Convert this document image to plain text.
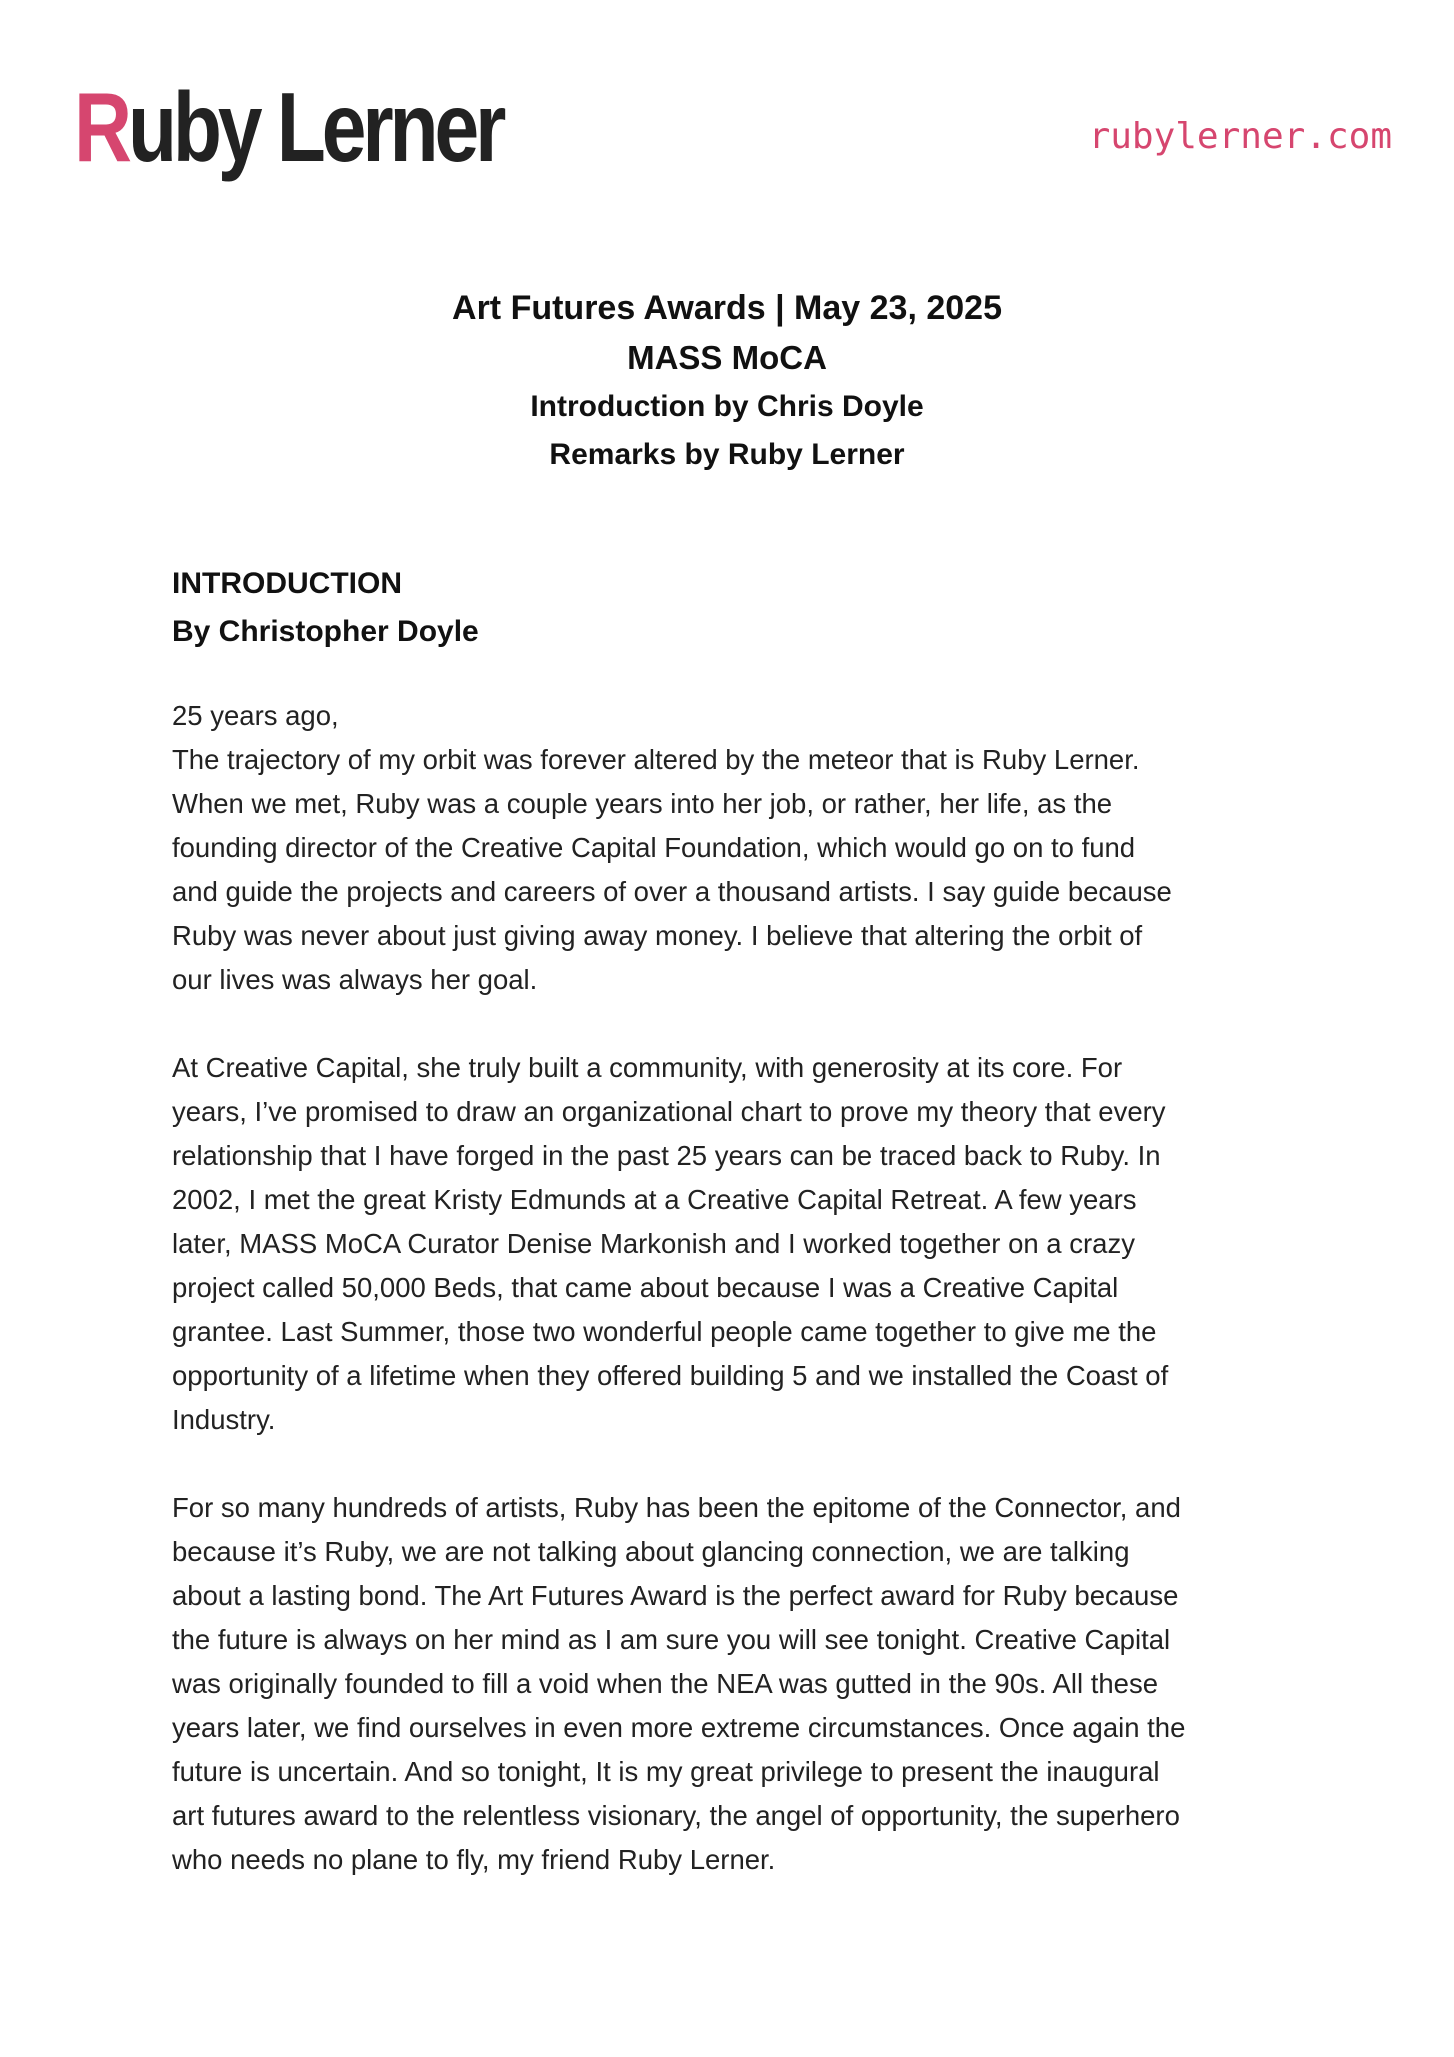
Ruby Lerner	rubylerner.com
Art Futures Awards | May 23, 2025
MASS MoCA
Introduction by Chris Doyle
Remarks by Ruby Lerner
INTRODUCTION
By Christopher Doyle
25 years ago,
The trajectory of my orbit was forever altered by the meteor that is Ruby Lerner.
When we met, Ruby was a couple years into her job, or rather, her life, as the
founding director of the Creative Capital Foundation, which would go on to fund
and guide the projects and careers of over a thousand artists. I say guide because
Ruby was never about just giving away money. I believe that altering the orbit of
our lives was always her goal.
At Creative Capital, she truly built a community, with generosity at its core. For
years, I’ve promised to draw an organizational chart to prove my theory that every
relationship that I have forged in the past 25 years can be traced back to Ruby. In
2002, I met the great Kristy Edmunds at a Creative Capital Retreat. A few years
later, MASS MoCA Curator Denise Markonish and I worked together on a crazy
project called 50,000 Beds, that came about because I was a Creative Capital
grantee. Last Summer, those two wonderful people came together to give me the
opportunity of a lifetime when they offered building 5 and we installed the Coast of
Industry.
For so many hundreds of artists, Ruby has been the epitome of the Connector, and
because it’s Ruby, we are not talking about glancing connection, we are talking
about a lasting bond. The Art Futures Award is the perfect award for Ruby because
the future is always on her mind as I am sure you will see tonight. Creative Capital
was originally founded to fill a void when the NEA was gutted in the 90s. All these
years later, we find ourselves in even more extreme circumstances. Once again the
future is uncertain. And so tonight, It is my great privilege to present the inaugural
art futures award to the relentless visionary, the angel of opportunity, the superhero
who needs no plane to fly, my friend Ruby Lerner.
